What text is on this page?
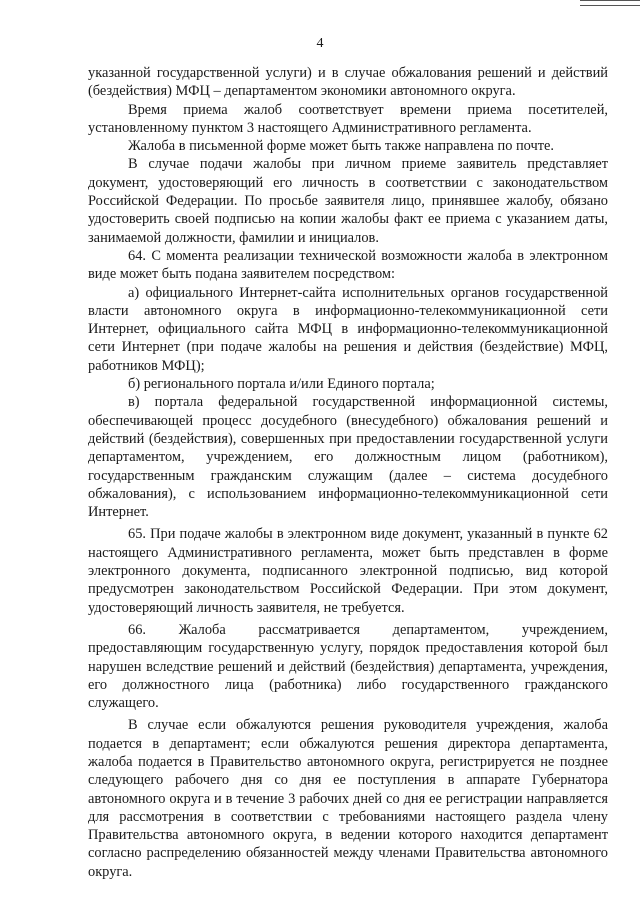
4

указанной государственной услуги) и в случае обжалования решений и действий (бездействия) МФЦ – департаментом экономики автономного округа.

Время приема жалоб соответствует времени приема посетителей, установленному пунктом 3 настоящего Административного регламента.

Жалоба в письменной форме может быть также направлена по почте.

В случае подачи жалобы при личном приеме заявитель представляет документ, удостоверяющий его личность в соответствии с законодательством Российской Федерации. По просьбе заявителя лицо, принявшее жалобу, обязано удостоверить своей подписью на копии жалобы факт ее приема с указанием даты, занимаемой должности, фамилии и инициалов.

64. С момента реализации технической возможности жалоба в электронном виде может быть подана заявителем посредством:

а) официального Интернет-сайта исполнительных органов государственной власти автономного округа в информационно-телекоммуникационной сети Интернет, официального сайта МФЦ в информационно-телекоммуникационной сети Интернет (при подаче жалобы на решения и действия (бездействие) МФЦ, работников МФЦ);

б) регионального портала и/или Единого портала;

в) портала федеральной государственной информационной системы, обеспечивающей процесс досудебного (внесудебного) обжалования решений и действий (бездействия), совершенных при предоставлении государственной услуги департаментом, учреждением, его должностным лицом (работником), государственным гражданским служащим (далее – система досудебного обжалования), с использованием информационно-телекоммуникационной сети Интернет.

65. При подаче жалобы в электронном виде документ, указанный в пункте 62 настоящего Административного регламента, может быть представлен в форме электронного документа, подписанного электронной подписью, вид которой предусмотрен законодательством Российской Федерации. При этом документ, удостоверяющий личность заявителя, не требуется.

66. Жалоба рассматривается департаментом, учреждением, предоставляющим государственную услугу, порядок предоставления которой был нарушен вследствие решений и действий (бездействия) департамента, учреждения, его должностного лица (работника) либо государственного гражданского служащего.

В случае если обжалуются решения руководителя учреждения, жалоба подается в департамент; если обжалуются решения директора департамента, жалоба подается в Правительство автономного округа, регистрируется не позднее следующего рабочего дня со дня ее поступления в аппарате Губернатора автономного округа и в течение 3 рабочих дней со дня ее регистрации направляется для рассмотрения в соответствии с требованиями настоящего раздела члену Правительства автономного округа, в ведении которого находится департамент согласно распределению обязанностей между членами Правительства автономного округа.
